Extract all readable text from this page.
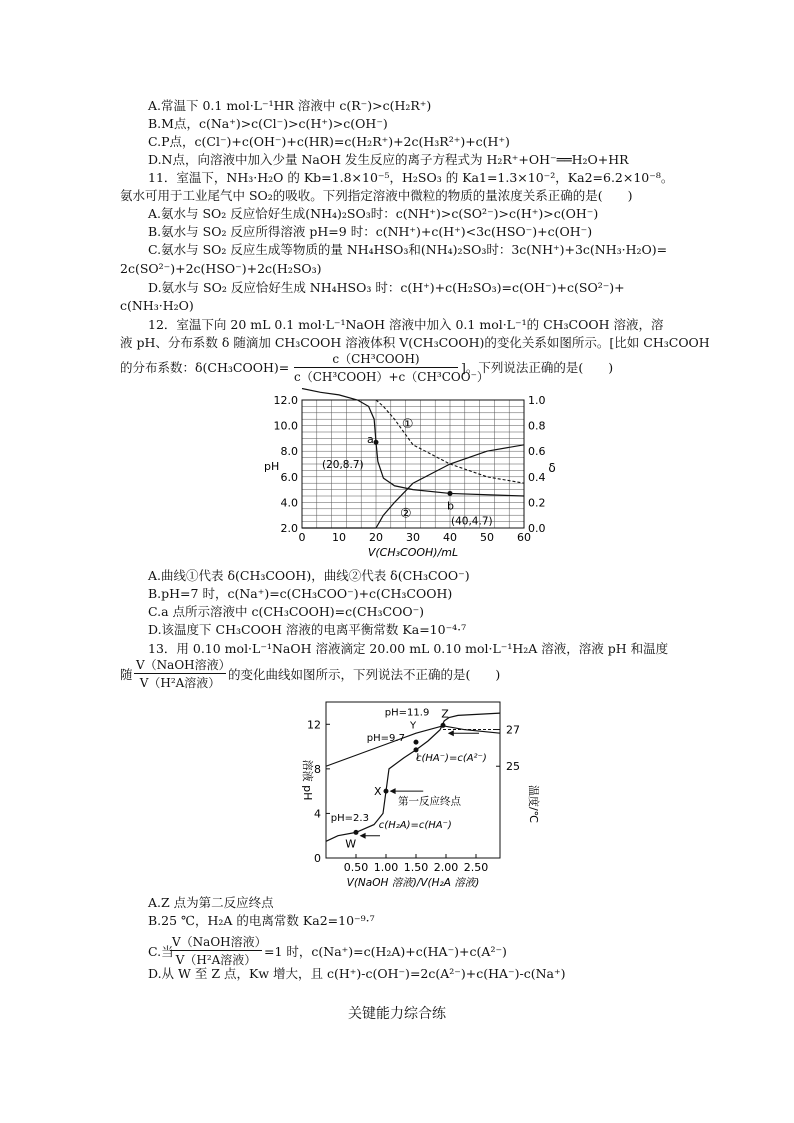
A.常温下 0.1 mol·L⁻¹HR 溶液中 c(R⁻)>c(H₂R⁺)
B.M点，c(Na⁺)>c(Cl⁻)>c(H⁺)>c(OH⁻)
C.P点，c(Cl⁻)+c(OH⁻)+c(HR)=c(H₂R⁺)+2c(H₃R²⁺)+c(H⁺)
D.N点，向溶液中加入少量 NaOH 发生反应的离子方程式为 H₂R⁺+OH⁻══H₂O+HR
11．室温下，NH₃·H₂O 的 Kb=1.8×10⁻⁵，H₂SO₃ 的 Ka1=1.3×10⁻²，Ka2=6.2×10⁻⁸。
氨水可用于工业尾气中 SO₂的吸收。下列指定溶液中微粒的物质的量浓度关系正确的是(　　)
A.氨水与 SO₂ 反应恰好生成(NH₄)₂SO₃时：c(NH⁺)>c(SO²⁻)>c(H⁺)>c(OH⁻)
B.氨水与 SO₂ 反应所得溶液 pH=9 时：c(NH⁺)+c(H⁺)<3c(HSO⁻)+c(OH⁻)
C.氨水与 SO₂ 反应生成等物质的量 NH₄HSO₃和(NH₄)₂SO₃时：3c(NH⁺)+3c(NH₃·H₂O)=
2c(SO²⁻)+2c(HSO⁻)+2c(H₂SO₃)
D.氨水与 SO₂ 反应恰好生成 NH₄HSO₃ 时：c(H⁺)+c(H₂SO₃)=c(OH⁻)+c(SO²⁻)+
c(NH₃·H₂O)
12．室温下向 20 mL 0.1 mol·L⁻¹NaOH 溶液中加入 0.1 mol·L⁻¹的 CH₃COOH 溶液，溶
液 pH、分布系数 δ 随滴加 CH₃COOH 溶液体积 V(CH₃COOH)的变化关系如图所示。[比如 CH₃COOH
的分布系数：δ(CH₃COOH)=
c（CH³COOH)
c（CH³COOH）+c（CH³COO⁻）
]。下列说法正确的是(　　)
0 10 20 30 40 50 60
2.0
4.0
6.0
8.0
10.0
12.0
0.0
0.2
0.4
0.6
0.8
1.0
V(CH₃COOH)/mL
pH	δ
a
(20,8.7)
b
(40,4.7)
①
②
A.曲线①代表 δ(CH₃COOH)，曲线②代表 δ(CH₃COO⁻)
B.pH=7 时，c(Na⁺)=c(CH₃COO⁻)+c(CH₃COOH)
C.a 点所示溶液中 c(CH₃COOH)=c(CH₃COO⁻)
D.该温度下 CH₃COOH 溶液的电离平衡常数 Ka=10⁻⁴·⁷
13．用 0.10 mol·L⁻¹NaOH 溶液滴定 20.00 mL 0.10 mol·L⁻¹H₂A 溶液，溶液 pH 和温度
随
V（NaOH溶液）
V（H²A溶液）
的变化曲线如图所示，下列说法不正确的是(　　)
0.50 1.00 1.50 2.00 2.50
0
4
8
12
25
27
V(NaOH 溶液)/V(H₂A 溶液)
溶液 pH
温度/℃
W
pH=2.3
X
Y
Z
pH=9.7
pH=11.9
c(H₂A)=c(HA⁻)
c(HA⁻)=c(A²⁻)
第一反应终点
A.Z 点为第二反应终点
B.25 ℃，H₂A 的电离常数 Ka2=10⁻⁹·⁷
C.当
V（NaOH溶液）
V（H²A溶液）
=1 时，c(Na⁺)=c(H₂A)+c(HA⁻)+c(A²⁻)
D.从 W 至 Z 点，Kw 增大，且 c(H⁺)-c(OH⁻)=2c(A²⁻)+c(HA⁻)-c(Na⁺)
关键能力综合练
